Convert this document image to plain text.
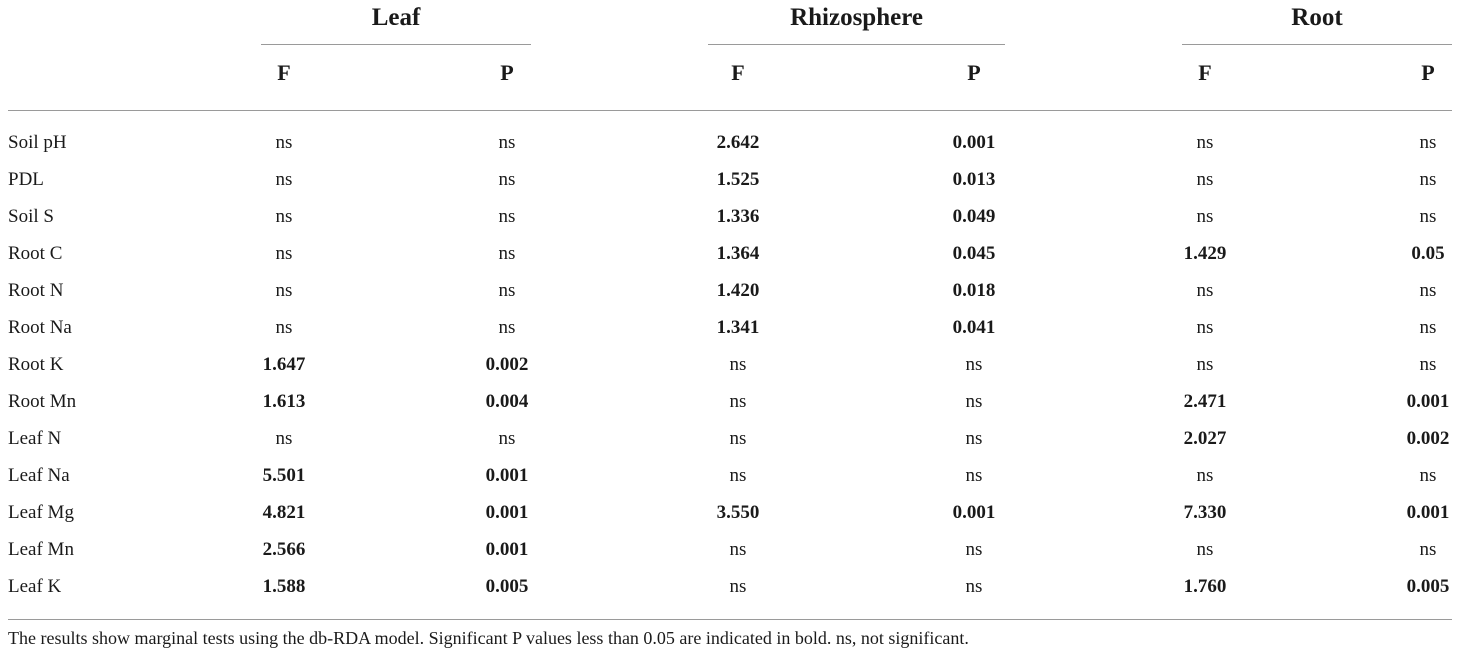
Leaf	Rhizosphere	Root
F	P	F	P	F	P
Soil pH	ns	ns	2.642	0.001	ns	ns
PDL	ns	ns	1.525	0.013	ns	ns
Soil S	ns	ns	1.336	0.049	ns	ns
Root C	ns	ns	1.364	0.045	1.429	0.05
Root N	ns	ns	1.420	0.018	ns	ns
Root Na	ns	ns	1.341	0.041	ns	ns
Root K	1.647	0.002	ns	ns	ns	ns
Root Mn	1.613	0.004	ns	ns	2.471	0.001
Leaf N	ns	ns	ns	ns	2.027	0.002
Leaf Na	5.501	0.001	ns	ns	ns	ns
Leaf Mg	4.821	0.001	3.550	0.001	7.330	0.001
Leaf Mn	2.566	0.001	ns	ns	ns	ns
Leaf K	1.588	0.005	ns	ns	1.760	0.005
The results show marginal tests using the db-RDA model. Significant P values less than 0.05 are indicated in bold. ns, not significant.
